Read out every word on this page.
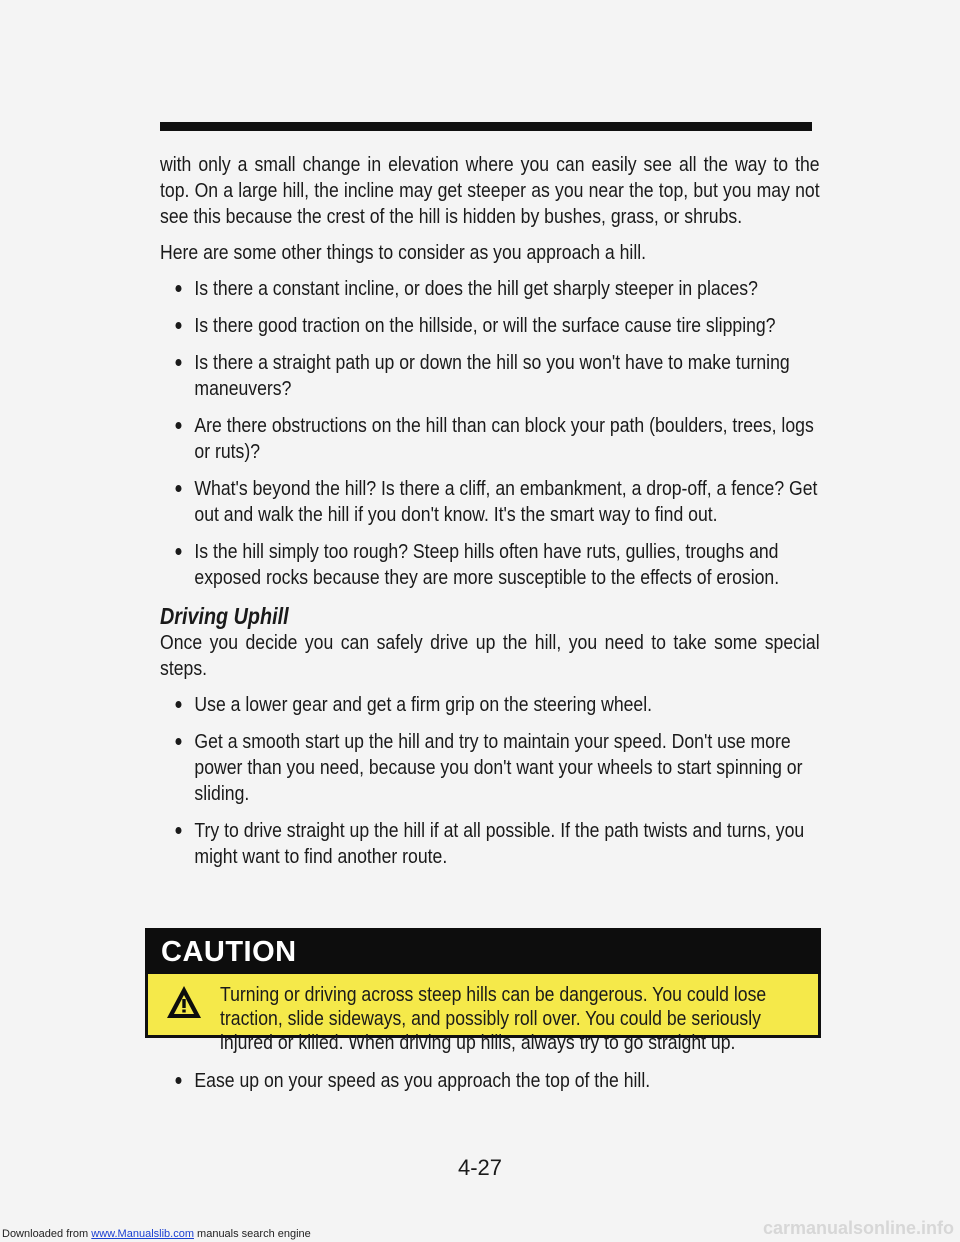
with only a small change in elevation where you can easily see all the way to the top. On a large hill, the incline may get steeper as you near the top, but you may not see this because the crest of the hill is hidden by bushes, grass, or shrubs.

Here are some other things to consider as you approach a hill.

Is there a constant incline, or does the hill get sharply steeper in places?
Is there good traction on the hillside, or will the surface cause tire slipping?
Is there a straight path up or down the hill so you won't have to make turning maneuvers?
Are there obstructions on the hill than can block your path (boulders, trees, logs or ruts)?
What's beyond the hill? Is there a cliff, an embankment, a drop-off, a fence? Get out and walk the hill if you don't know. It's the smart way to find out.
Is the hill simply too rough? Steep hills often have ruts, gullies, troughs and exposed rocks because they are more susceptible to the effects of erosion.
Driving Uphill

Once you decide you can safely drive up the hill, you need to take some special steps.

Use a lower gear and get a firm grip on the steering wheel.
Get a smooth start up the hill and try to maintain your speed. Don't use more power than you need, because you don't want your wheels to start spinning or sliding.
Try to drive straight up the hill if at all possible. If the path twists and turns, you might want to find another route.
CAUTION
Turning or driving across steep hills can be dangerous. You could lose traction, slide sideways, and possibly roll over. You could be seriously injured or killed. When driving up hills, always try to go straight up.
Ease up on your speed as you approach the top of the hill.
4-27
Downloaded from www.Manualslib.com manuals search engine	carmanualsonline.info
